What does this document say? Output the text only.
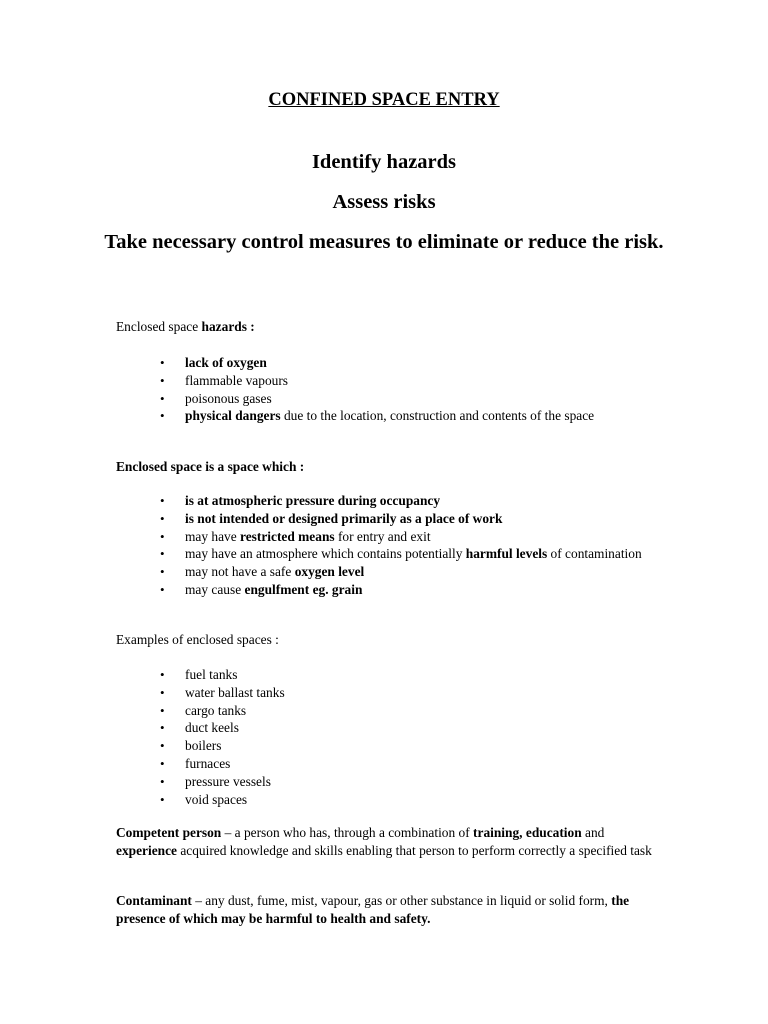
CONFINED SPACE ENTRY
Identify hazards
Assess risks
Take necessary control measures to eliminate or reduce the risk.
Enclosed space hazards :
• lack of oxygen
• flammable vapours
• poisonous gases
• physical dangers due to the location, construction and contents of the space
Enclosed space is a space which :
• is at atmospheric pressure during occupancy
• is not intended or designed primarily as a place of work
• may have restricted means for entry and exit
• may have an atmosphere which contains potentially harmful levels of contamination
• may not have a safe oxygen level
• may cause engulfment eg. grain
Examples of enclosed spaces :
• fuel tanks
• water ballast tanks
• cargo tanks
• duct keels
• boilers
• furnaces
• pressure vessels
• void spaces
Competent person – a person who has, through a combination of training, education and experience acquired knowledge and skills enabling that person to perform correctly a specified task
Contaminant – any dust, fume, mist, vapour, gas or other substance in liquid or solid form, the presence of which may be harmful to health and safety.
